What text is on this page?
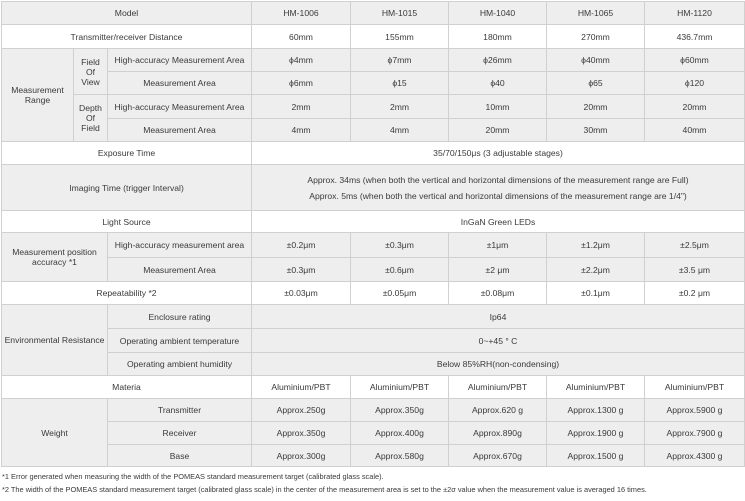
Model			HM-1006	HM-1015	HM-1040	HM-1065	HM-1120
Transmitter/receiver Distance			60mm	155mm	180mm	270mm	436.7mm
Measurement Range	Field Of View	High-accuracy Measurement Area	ϕ4mm	ϕ7mm	ϕ26mm	ϕ40mm	ϕ60mm
		Measurement Area	ϕ6mm	ϕ15	ϕ40	ϕ65	ϕ120
	Depth Of Field	High-accuracy Measurement Area	2mm	2mm	10mm	20mm	20mm
		Measurement Area	4mm	4mm	20mm	30mm	40mm
Exposure Time			35/70/150μs (3 adjustable stages)				
Imaging Time (trigger Interval)			Approx. 34ms (when both the vertical and horizontal dimensions of the measurement range are Full)
Approx. 5ms (when both the vertical and horizontal dimensions of the measurement range are 1/4")				

Light Source			InGaN Green LEDs				
Measurement position accuracy *1		High-accuracy measurement area	±0.2μm	±0.3μm	±1μm	±1.2μm	±2.5μm
		Measurement Area	±0.3μm	±0.6μm	±2 μm	±2.2μm	±3.5 μm
Repeatability *2			±0.03μm	±0.05μm	±0.08μm	±0.1μm	±0.2 μm
Environmental Resistance		Enclosure rating	Ip64				
		Operating ambient temperature	0~+45 ° C				
		Operating ambient humidity	Below 85%RH(non-condensing)				
Materia			Aluminium/PBT	Aluminium/PBT	Aluminium/PBT	Aluminium/PBT	Aluminium/PBT
Weight		Transmitter	Approx.250g	Approx.350g	Approx.620 g	Approx.1300 g	Approx.5900 g
		Receiver	Approx.350g	Approx.400g	Approx.890g	Approx.1900 g	Approx.7900 g
		Base	Approx.300g	Approx.580g	Approx.670g	Approx.1500 g	Approx.4300 g
*1 Error generated when measuring the width of the POMEAS standard measurement target (calibrated glass scale).
*2 The width of the POMEAS standard measurement target (calibrated glass scale) in the center of the measurement area is set to the ±2σ value when the measurement value is averaged 16 times.
